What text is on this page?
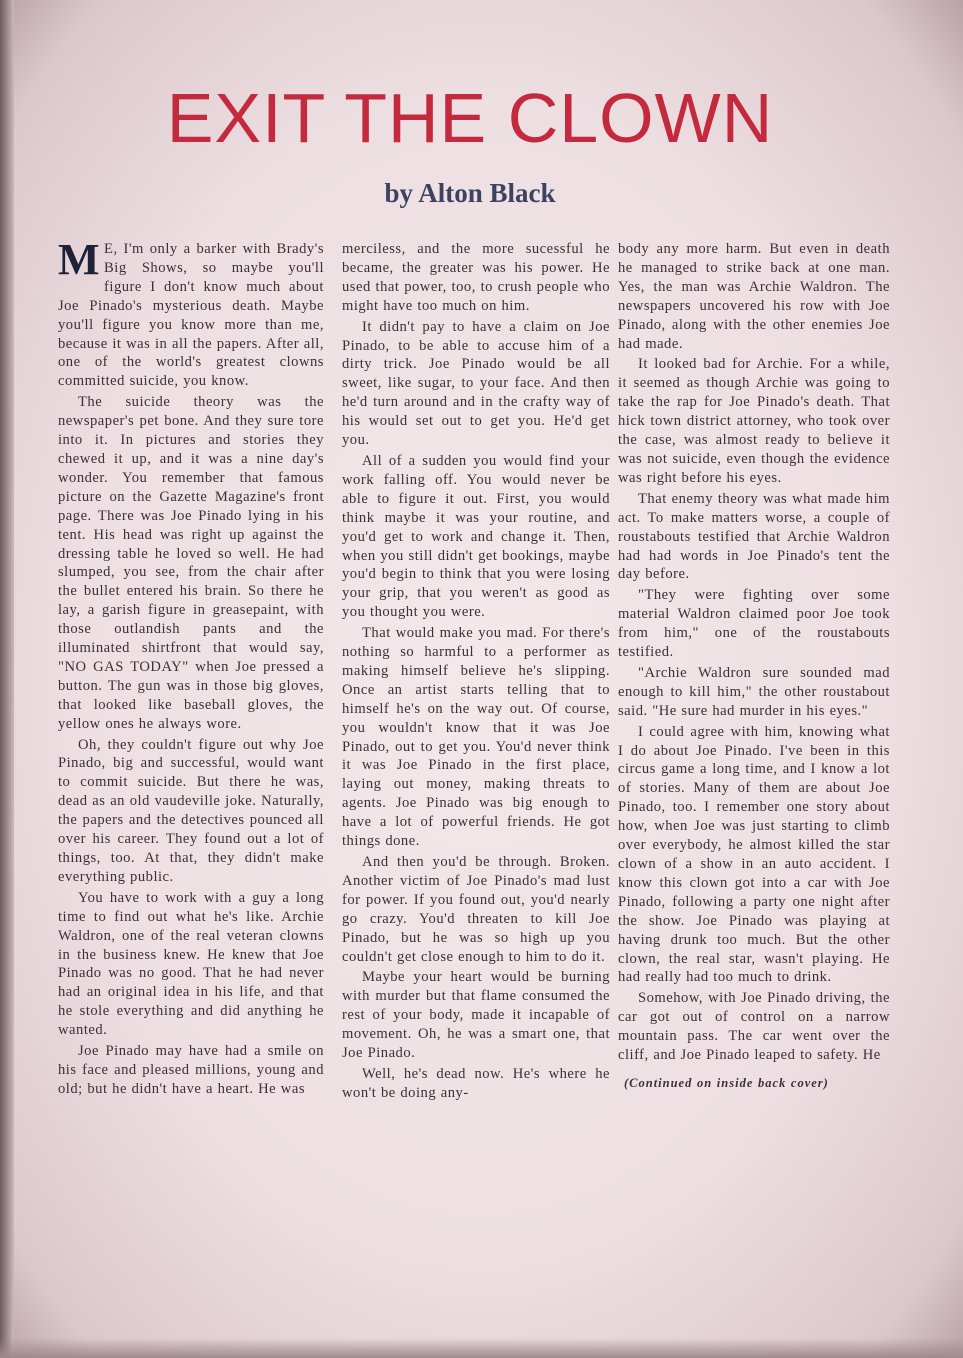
EXIT THE CLOWN
by Alton Black

M E, I'm only a barker with Brady's Big Shows, so maybe you'll figure I don't know much about Joe Pinado's mysterious death. Maybe you'll figure you know more than me, because it was in all the papers. After all, one of the world's greatest clowns committed suicide, you know.

The suicide theory was the newspaper's pet bone. And they sure tore into it. In pictures and stories they chewed it up, and it was a nine day's wonder. You remember that famous picture on the Gazette Magazine's front page. There was Joe Pinado lying in his tent. His head was right up against the dressing table he loved so well. He had slumped, you see, from the chair after the bullet entered his brain. So there he lay, a garish figure in greasepaint, with those outlandish pants and the illuminated shirtfront that would say, "NO GAS TODAY" when Joe pressed a button. The gun was in those big gloves, that looked like baseball gloves, the yellow ones he always wore.

Oh, they couldn't figure out why Joe Pinado, big and successful, would want to commit suicide. But there he was, dead as an old vaudeville joke. Naturally, the papers and the detectives pounced all over his career. They found out a lot of things, too. At that, they didn't make everything public.

You have to work with a guy a long time to find out what he's like. Archie Waldron, one of the real veteran clowns in the business knew. He knew that Joe Pinado was no good. That he had never had an original idea in his life, and that he stole everything and did anything he wanted.

Joe Pinado may have had a smile on his face and pleased millions, young and old; but he didn't have a heart. He was

merciless, and the more sucessful he became, the greater was his power. He used that power, too, to crush people who might have too much on him.

It didn't pay to have a claim on Joe Pinado, to be able to accuse him of a dirty trick. Joe Pinado would be all sweet, like sugar, to your face. And then he'd turn around and in the crafty way of his would set out to get you. He'd get you.

All of a sudden you would find your work falling off. You would never be able to figure it out. First, you would think maybe it was your routine, and you'd get to work and change it. Then, when you still didn't get bookings, maybe you'd begin to think that you were losing your grip, that you weren't as good as you thought you were.

That would make you mad. For there's nothing so harmful to a performer as making himself believe he's slipping. Once an artist starts telling that to himself he's on the way out. Of course, you wouldn't know that it was Joe Pinado, out to get you. You'd never think it was Joe Pinado in the first place, laying out money, making threats to agents. Joe Pinado was big enough to have a lot of powerful friends. He got things done.

And then you'd be through. Broken. Another victim of Joe Pinado's mad lust for power. If you found out, you'd nearly go crazy. You'd threaten to kill Joe Pinado, but he was so high up you couldn't get close enough to him to do it.

Maybe your heart would be burning with murder but that flame consumed the rest of your body, made it incapable of movement. Oh, he was a smart one, that Joe Pinado.

Well, he's dead now. He's where he won't be doing any-

body any more harm. But even in death he managed to strike back at one man. Yes, the man was Archie Waldron. The newspapers uncovered his row with Joe Pinado, along with the other enemies Joe had made.

It looked bad for Archie. For a while, it seemed as though Archie was going to take the rap for Joe Pinado's death. That hick town district attorney, who took over the case, was almost ready to believe it was not suicide, even though the evidence was right before his eyes.

That enemy theory was what made him act. To make matters worse, a couple of roustabouts testified that Archie Waldron had had words in Joe Pinado's tent the day before.

"They were fighting over some material Waldron claimed poor Joe took from him," one of the roustabouts testified.

"Archie Waldron sure sounded mad enough to kill him," the other roustabout said. "He sure had murder in his eyes."

I could agree with him, knowing what I do about Joe Pinado. I've been in this circus game a long time, and I know a lot of stories. Many of them are about Joe Pinado, too. I remember one story about how, when Joe was just starting to climb over everybody, he almost killed the star clown of a show in an auto accident. I know this clown got into a car with Joe Pinado, following a party one night after the show. Joe Pinado was playing at having drunk too much. But the other clown, the real star, wasn't playing. He had really had too much to drink.

Somehow, with Joe Pinado driving, the car got out of control on a narrow mountain pass. The car went over the cliff, and Joe Pinado leaped to safety. He

(Continued on inside back cover)
